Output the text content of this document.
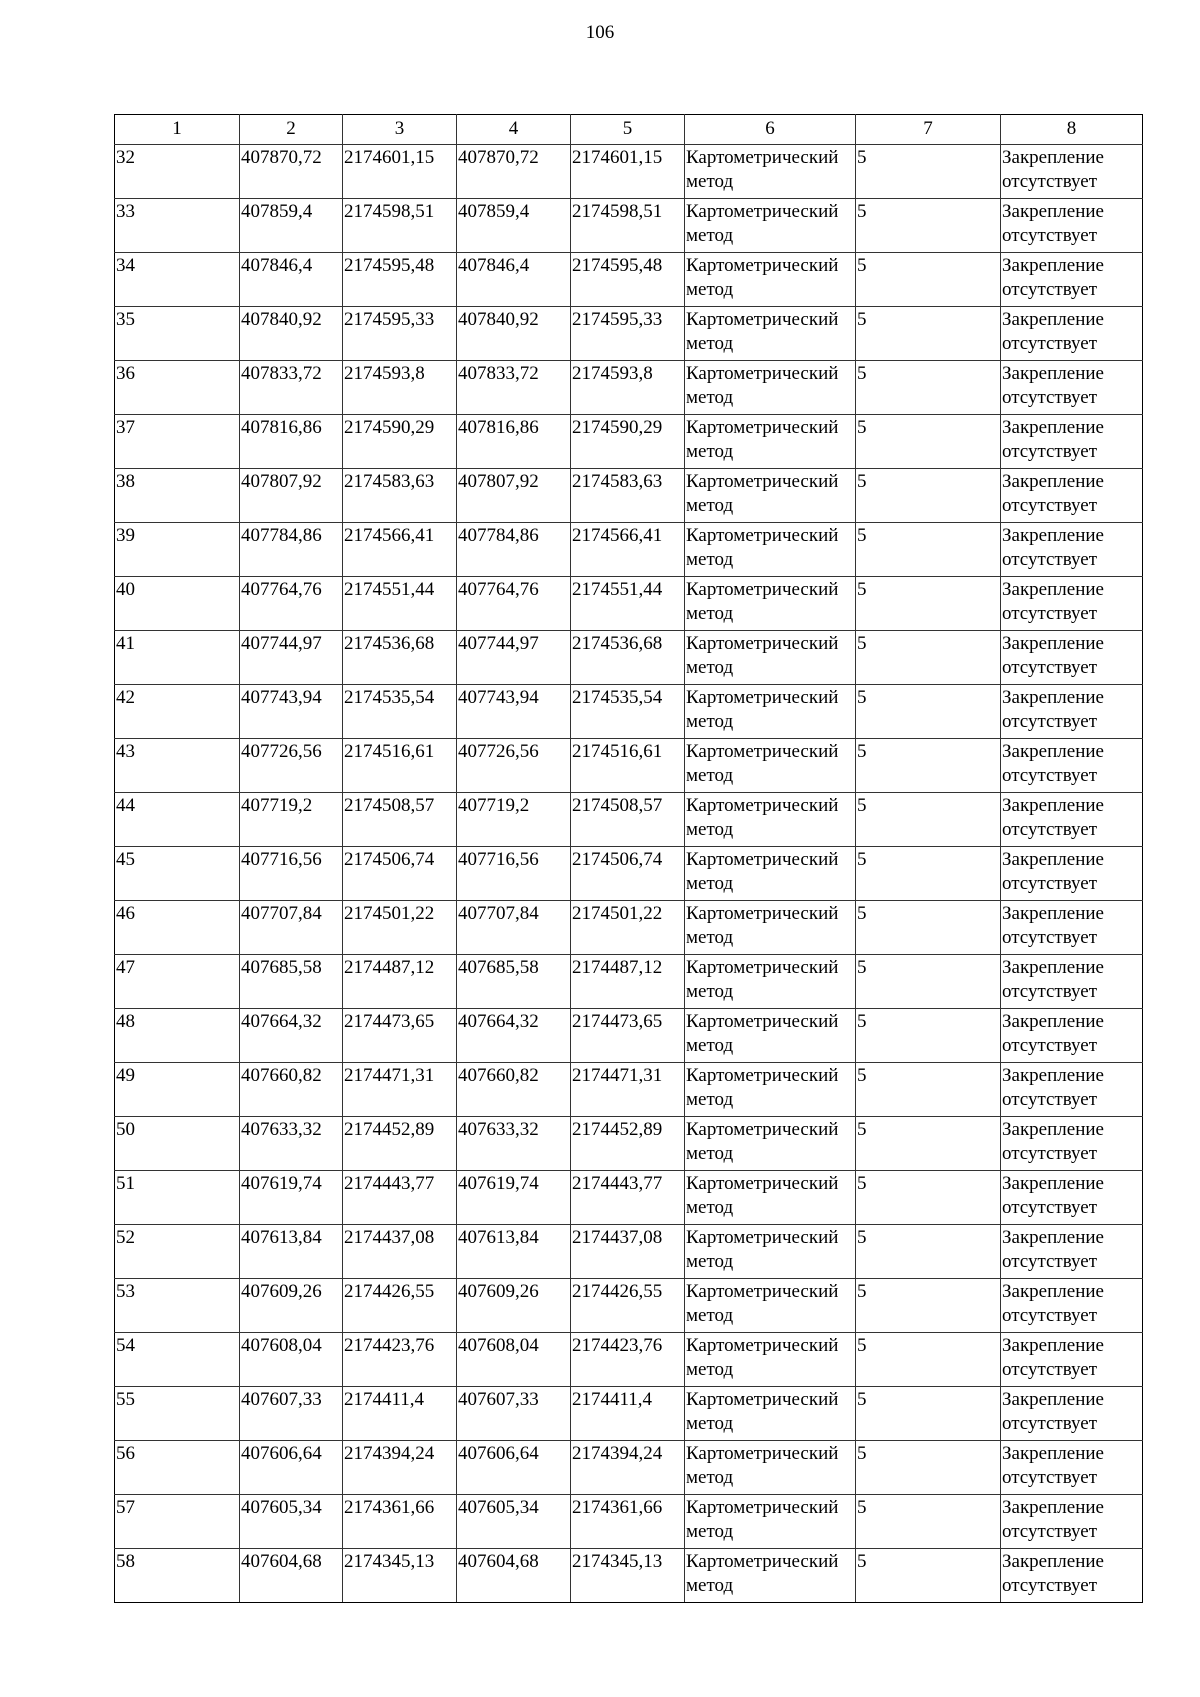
106
1	2	3	4	5	6	7	8
32	407870,72	2174601,15	407870,72	2174601,15	Картометрический метод	5	Закрепление отсутствует
33	407859,4	2174598,51	407859,4	2174598,51	Картометрический метод	5	Закрепление отсутствует
34	407846,4	2174595,48	407846,4	2174595,48	Картометрический метод	5	Закрепление отсутствует
35	407840,92	2174595,33	407840,92	2174595,33	Картометрический метод	5	Закрепление отсутствует
36	407833,72	2174593,8	407833,72	2174593,8	Картометрический метод	5	Закрепление отсутствует
37	407816,86	2174590,29	407816,86	2174590,29	Картометрический метод	5	Закрепление отсутствует
38	407807,92	2174583,63	407807,92	2174583,63	Картометрический метод	5	Закрепление отсутствует
39	407784,86	2174566,41	407784,86	2174566,41	Картометрический метод	5	Закрепление отсутствует
40	407764,76	2174551,44	407764,76	2174551,44	Картометрический метод	5	Закрепление отсутствует
41	407744,97	2174536,68	407744,97	2174536,68	Картометрический метод	5	Закрепление отсутствует
42	407743,94	2174535,54	407743,94	2174535,54	Картометрический метод	5	Закрепление отсутствует
43	407726,56	2174516,61	407726,56	2174516,61	Картометрический метод	5	Закрепление отсутствует
44	407719,2	2174508,57	407719,2	2174508,57	Картометрический метод	5	Закрепление отсутствует
45	407716,56	2174506,74	407716,56	2174506,74	Картометрический метод	5	Закрепление отсутствует
46	407707,84	2174501,22	407707,84	2174501,22	Картометрический метод	5	Закрепление отсутствует
47	407685,58	2174487,12	407685,58	2174487,12	Картометрический метод	5	Закрепление отсутствует
48	407664,32	2174473,65	407664,32	2174473,65	Картометрический метод	5	Закрепление отсутствует
49	407660,82	2174471,31	407660,82	2174471,31	Картометрический метод	5	Закрепление отсутствует
50	407633,32	2174452,89	407633,32	2174452,89	Картометрический метод	5	Закрепление отсутствует
51	407619,74	2174443,77	407619,74	2174443,77	Картометрический метод	5	Закрепление отсутствует
52	407613,84	2174437,08	407613,84	2174437,08	Картометрический метод	5	Закрепление отсутствует
53	407609,26	2174426,55	407609,26	2174426,55	Картометрический метод	5	Закрепление отсутствует
54	407608,04	2174423,76	407608,04	2174423,76	Картометрический метод	5	Закрепление отсутствует
55	407607,33	2174411,4	407607,33	2174411,4	Картометрический метод	5	Закрепление отсутствует
56	407606,64	2174394,24	407606,64	2174394,24	Картометрический метод	5	Закрепление отсутствует
57	407605,34	2174361,66	407605,34	2174361,66	Картометрический метод	5	Закрепление отсутствует
58	407604,68	2174345,13	407604,68	2174345,13	Картометрический метод	5	Закрепление отсутствует
